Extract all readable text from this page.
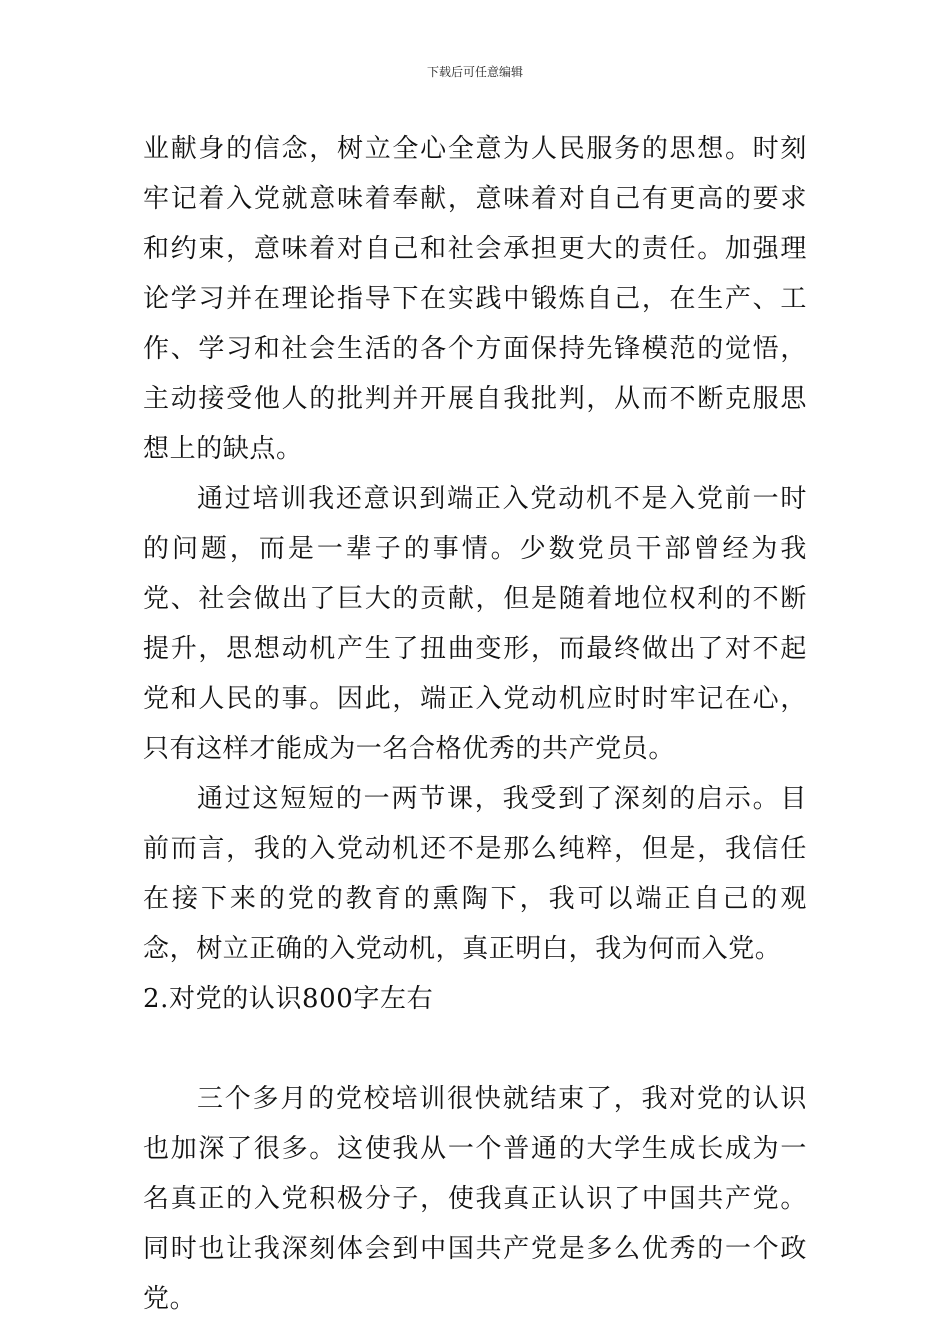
下载后可任意编辑

业献身的信念，树立全心全意为人民服务的思想。时刻牢记着入党就意味着奉献，意味着对自己有更高的要求和约束，意味着对自己和社会承担更大的责任。加强理论学习并在理论指导下在实践中锻炼自己，在生产、工作、学习和社会生活的各个方面保持先锋模范的觉悟，主动接受他人的批判并开展自我批判，从而不断克服思想上的缺点。

通过培训我还意识到端正入党动机不是入党前一时的问题，而是一辈子的事情。少数党员干部曾经为我党、社会做出了巨大的贡献，但是随着地位权利的不断提升，思想动机产生了扭曲变形，而最终做出了对不起党和人民的事。因此，端正入党动机应时时牢记在心，只有这样才能成为一名合格优秀的共产党员。

通过这短短的一两节课，我受到了深刻的启示。目前而言，我的入党动机还不是那么纯粹，但是，我信任在接下来的党的教育的熏陶下，我可以端正自己的观念，树立正确的入党动机，真正明白，我为何而入党。

2.对党的认识800字左右

三个多月的党校培训很快就结束了，我对党的认识也加深了很多。这使我从一个普通的大学生成长成为一名真正的入党积极分子，使我真正认识了中国共产党。同时也让我深刻体会到中国共产党是多么优秀的一个政党。
